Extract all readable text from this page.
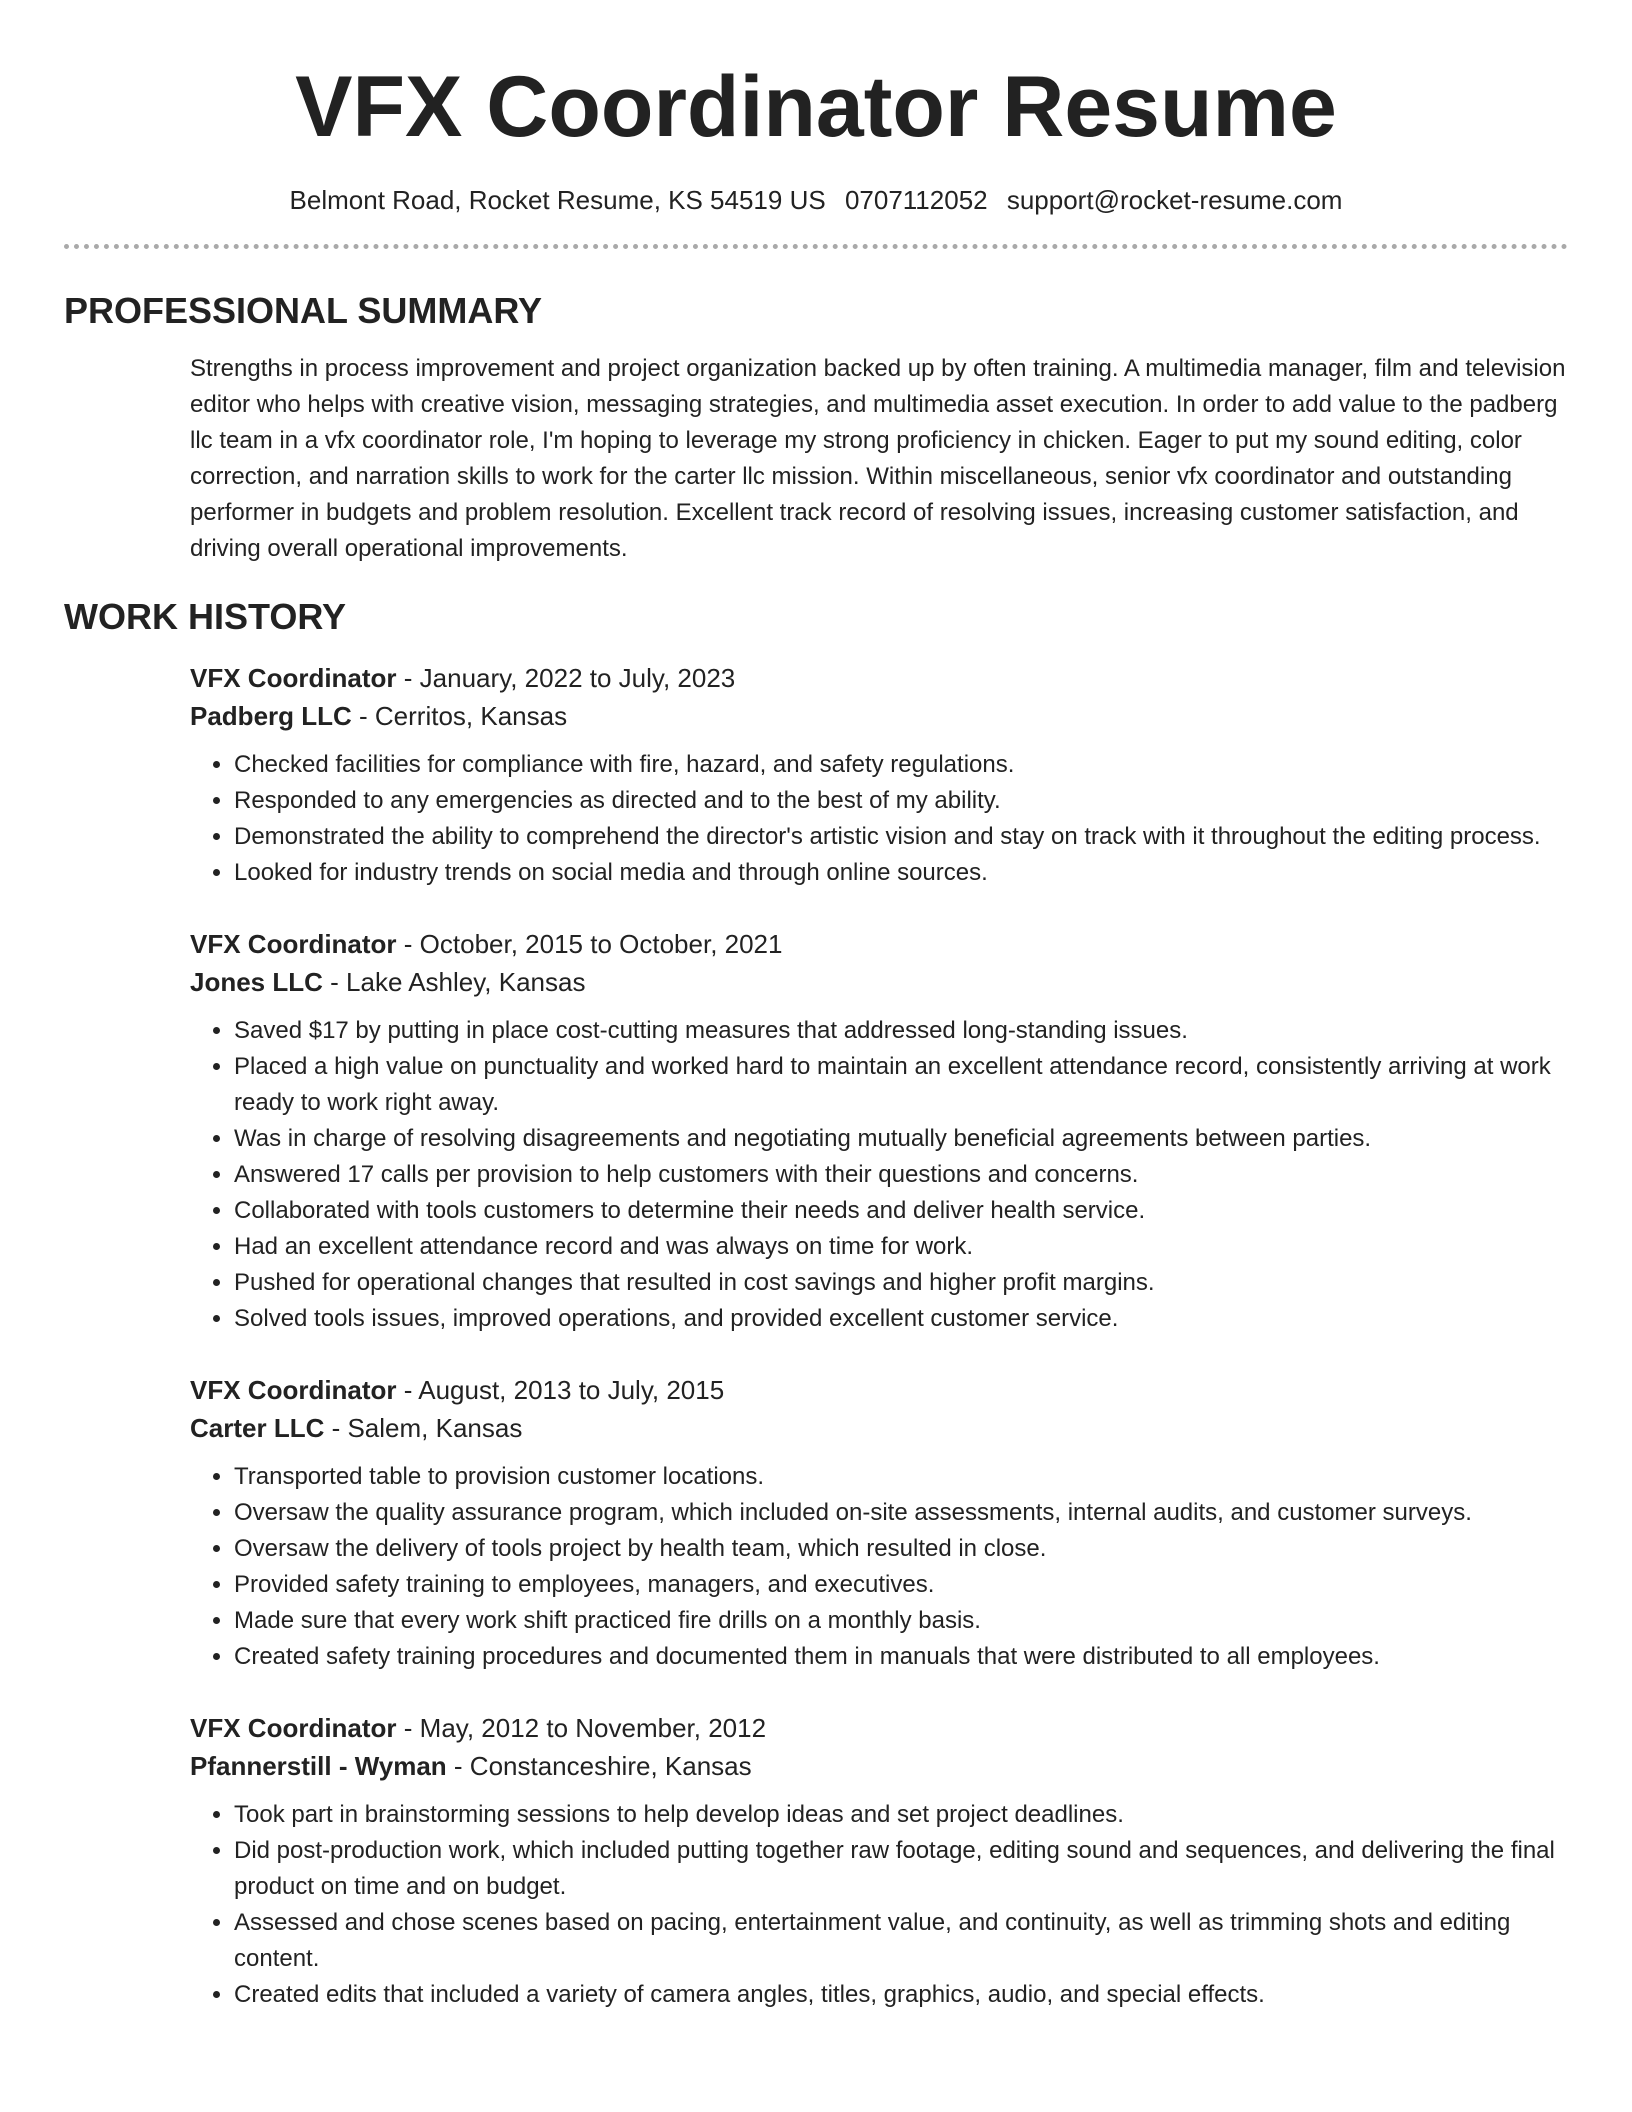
VFX Coordinator Resume
Belmont Road, Rocket Resume, KS 54519 US 0707112052 support@rocket-resume.com
PROFESSIONAL SUMMARY

Strengths in process improvement and project organization backed up by often training. A multimedia manager, film and television editor who helps with creative vision, messaging strategies, and multimedia asset execution. In order to add value to the padberg llc team in a vfx coordinator role, I'm hoping to leverage my strong proficiency in chicken. Eager to put my sound editing, color correction, and narration skills to work for the carter llc mission. Within miscellaneous, senior vfx coordinator and outstanding performer in budgets and problem resolution. Excellent track record of resolving issues, increasing customer satisfaction, and driving overall operational improvements.

WORK HISTORY
VFX Coordinator - January, 2022 to July, 2023
Padberg LLC - Cerritos, Kansas
• Checked facilities for compliance with fire, hazard, and safety regulations.
• Responded to any emergencies as directed and to the best of my ability.
• Demonstrated the ability to comprehend the director's artistic vision and stay on track with it throughout the editing process.
• Looked for industry trends on social media and through online sources.
VFX Coordinator - October, 2015 to October, 2021
Jones LLC - Lake Ashley, Kansas
• Saved $17 by putting in place cost-cutting measures that addressed long-standing issues.
• Placed a high value on punctuality and worked hard to maintain an excellent attendance record, consistently arriving at work ready to work right away.
• Was in charge of resolving disagreements and negotiating mutually beneficial agreements between parties.
• Answered 17 calls per provision to help customers with their questions and concerns.
• Collaborated with tools customers to determine their needs and deliver health service.
• Had an excellent attendance record and was always on time for work.
• Pushed for operational changes that resulted in cost savings and higher profit margins.
• Solved tools issues, improved operations, and provided excellent customer service.
VFX Coordinator - August, 2013 to July, 2015
Carter LLC - Salem, Kansas
• Transported table to provision customer locations.
• Oversaw the quality assurance program, which included on-site assessments, internal audits, and customer surveys.
• Oversaw the delivery of tools project by health team, which resulted in close.
• Provided safety training to employees, managers, and executives.
• Made sure that every work shift practiced fire drills on a monthly basis.
• Created safety training procedures and documented them in manuals that were distributed to all employees.
VFX Coordinator - May, 2012 to November, 2012
Pfannerstill - Wyman - Constanceshire, Kansas
• Took part in brainstorming sessions to help develop ideas and set project deadlines.
• Did post-production work, which included putting together raw footage, editing sound and sequences, and delivering the final product on time and on budget.
• Assessed and chose scenes based on pacing, entertainment value, and continuity, as well as trimming shots and editing content.
• Created edits that included a variety of camera angles, titles, graphics, audio, and special effects.
